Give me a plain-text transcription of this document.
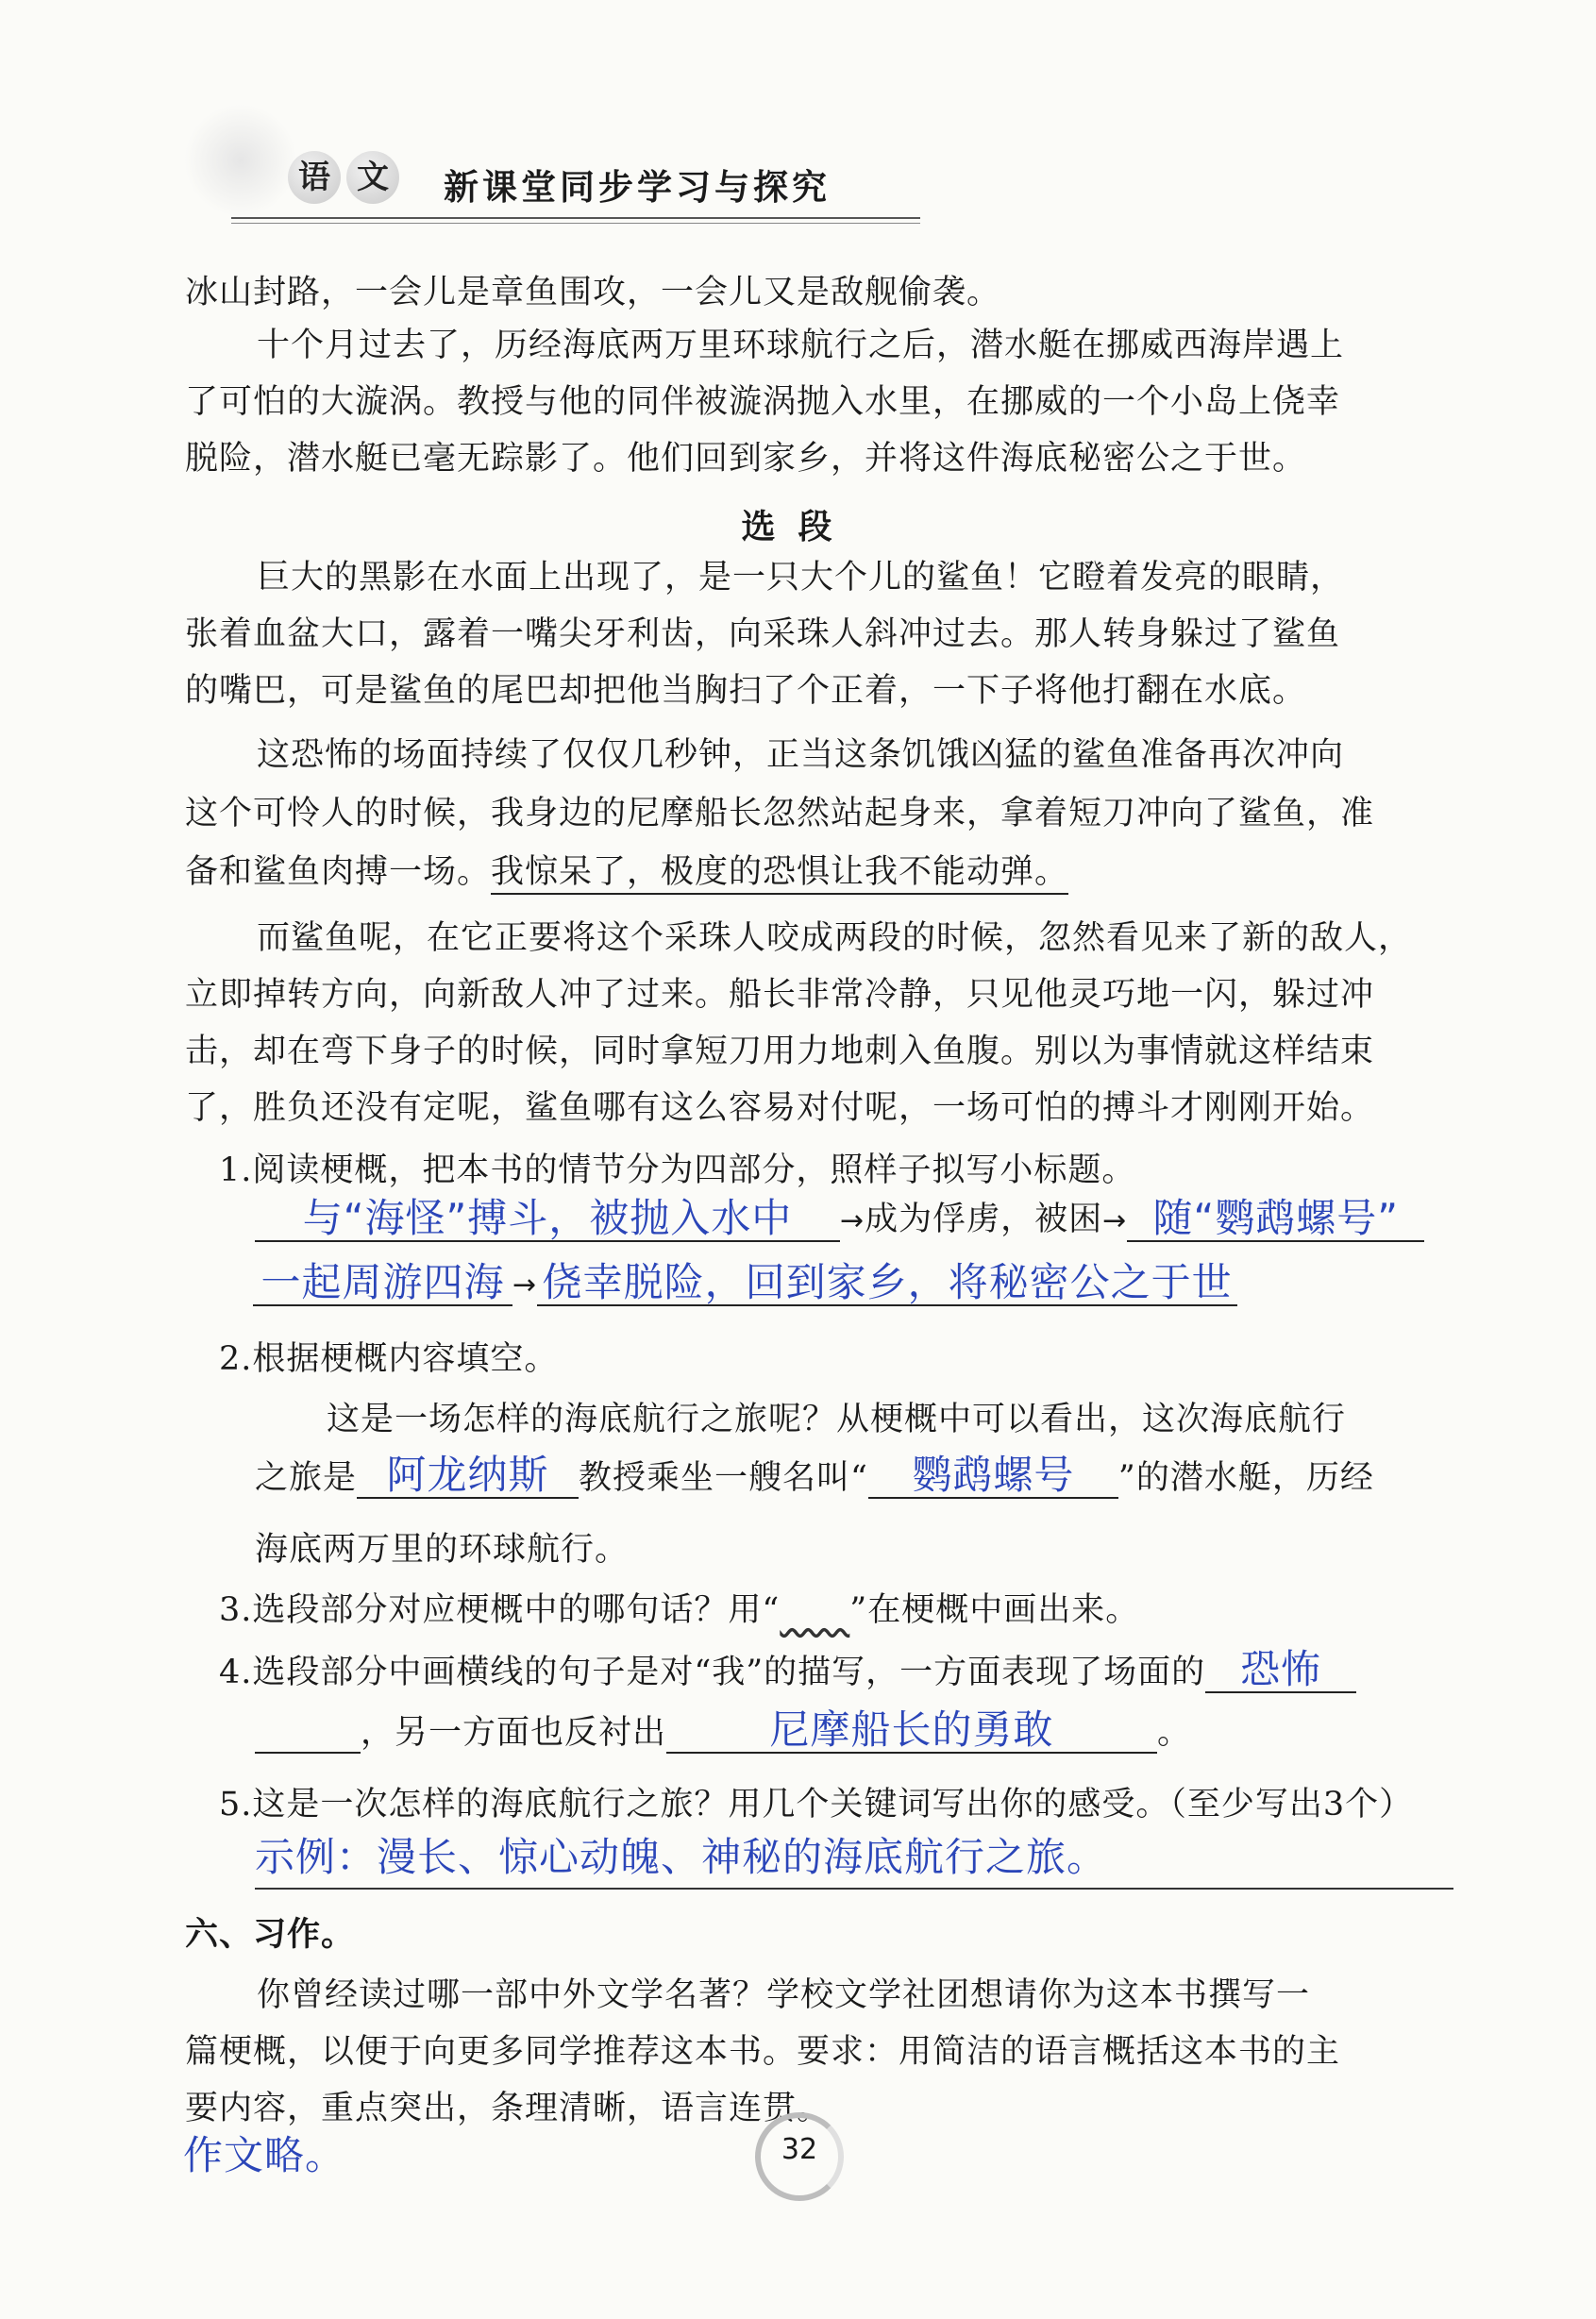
语 文 新课堂同步学习与探究
冰山封路，一会儿是章鱼围攻，一会儿又是敌舰偷袭。
十个月过去了，历经海底两万里环球航行之后，潜水艇在挪威西海岸遇上
了可怕的大漩涡。教授与他的同伴被漩涡抛入水里，在挪威的一个小岛上侥幸
脱险，潜水艇已毫无踪影了。他们回到家乡，并将这件海底秘密公之于世。
选段
巨大的黑影在水面上出现了，是一只大个儿的鲨鱼！它瞪着发亮的眼睛，
张着血盆大口，露着一嘴尖牙利齿，向采珠人斜冲过去。那人转身躲过了鲨鱼
的嘴巴，可是鲨鱼的尾巴却把他当胸扫了个正着，一下子将他打翻在水底。
这恐怖的场面持续了仅仅几秒钟，正当这条饥饿凶猛的鲨鱼准备再次冲向
这个可怜人的时候，我身边的尼摩船长忽然站起身来，拿着短刀冲向了鲨鱼，准
备和鲨鱼肉搏一场。我惊呆了，极度的恐惧让我不能动弹。
而鲨鱼呢，在它正要将这个采珠人咬成两段的时候，忽然看见来了新的敌人，
立即掉转方向，向新敌人冲了过来。船长非常冷静，只见他灵巧地一闪，躲过冲
击，却在弯下身子的时候，同时拿短刀用力地刺入鱼腹。别以为事情就这样结束
了，胜负还没有定呢，鲨鱼哪有这么容易对付呢，一场可怕的搏斗才刚刚开始。
1.阅读梗概，把本书的情节分为四部分，照样子拟写小标题。
与“海怪”搏斗，被抛入水中 →成为俘虏，被困→ 随“鹦鹉螺号”
一起周游四海 → 侥幸脱险，回到家乡，将秘密公之于世
2.根据梗概内容填空。
这是一场怎样的海底航行之旅呢？从梗概中可以看出，这次海底航行
之旅是 阿龙纳斯 教授乘坐一艘名叫“ 鹦鹉螺号 ”的潜水艇，历经
海底两万里的环球航行。
3.选段部分对应梗概中的哪句话？用“ ”在梗概中画出来。
4.选段部分中画横线的句子是对“我”的描写，一方面表现了场面的 恐怖
，另一方面也反衬出	尼摩船长的勇敢	。
5.这是一次怎样的海底航行之旅？用几个关键词写出你的感受。（至少写出3个）
示例：漫长、惊心动魄、神秘的海底航行之旅。
六、习作。
你曾经读过哪一部中外文学名著？学校文学社团想请你为这本书撰写一
篇梗概，以便于向更多同学推荐这本书。要求：用简洁的语言概括这本书的主
要内容，重点突出，条理清晰，语言连贯。
作文略。	32
